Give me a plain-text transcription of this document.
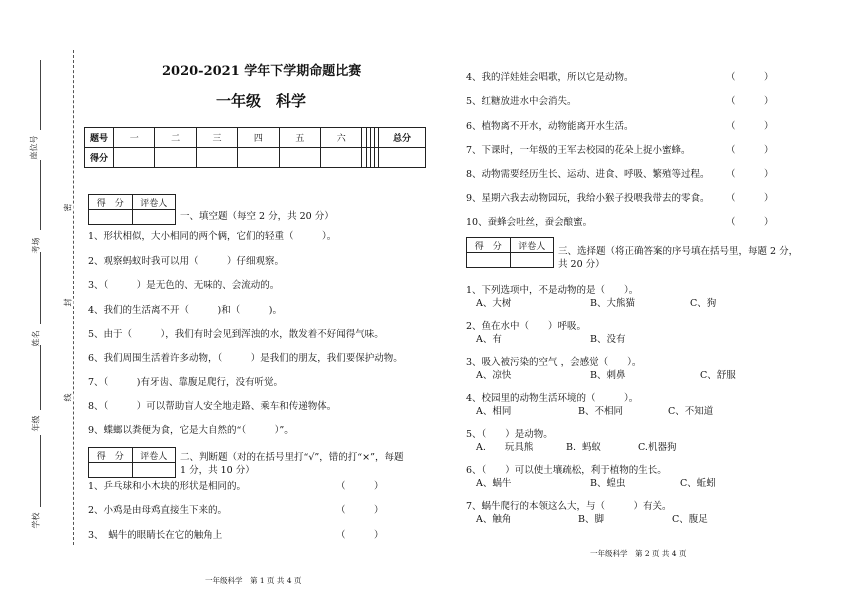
座位号
考场
姓名
年级
学校
密
封
线
2020-2021 学年下学期命题比赛
一年级　科学
题号	一	二	三	四	五	六					总分
得分											
得　分	评卷人

一、填空题（每空 2 分，共 20 分）
1、形状相似，大小相同的两个俩，它们的轻重（　　　）。
2、观察蚂蚁时我可以用（　　　）仔细观察。
3、（　　　）是无色的、无味的、会流动的。
4、我们的生活离不开（　　　)和（　　　)。
5、由于（　　　），我们有时会见到浑浊的水，散发着不好闻得气味。
6、我们周围生活着许多动物，（　　　）是我们的朋友，我们要保护动物。
7、（　　　)有牙齿、靠腹足爬行，没有听觉。
8、（　　　）可以帮助盲人安全地走路、乘车和传递物体。
9、蝶螂以粪便为食，它是大自然的“（　　　）”。
得　分	评卷人
	二、判断题（对的在括号里打“√”，错的打“×”，每题
1 分，共 10 分）
1、乒乓球和小木块的形状是相同的。	（　　　）
2、小鸡是由母鸡直接生下来的。	（　　　）
3、　蜗牛的眼睛长在它的触角上	（　　　）
一年级科学　第 1 页 共 4 页
4、我的洋娃娃会唱歌，所以它是动物。	（　　　）
5、红糖放进水中会消失。	（　　　）
6、植物离不开水，动物能离开水生活。	（　　　）
7、下课时，一年级的王军去校园的花朵上捉小蜜蜂。	（　　　）
8、动物需要经历生长、运动、进食、呼吸、繁殖等过程。 （　　　）
9、星期六我去动物园玩，我给小猴子投喂我带去的零食。 （　　　）
10、蚕蜂会吐丝，蚕会酿蜜。	（　　　）
得　分	评卷人
	三、选择题（将正确答案的序号填在括号里，每题 2 分，
共 20 分）
1、下列选项中，不是动物的是（　　）。
A、大树	B、大熊猫	C、狗
2、鱼在水中（　　）呼吸。
A、有	B、没有
3、吸入被污染的空气 ，会感觉（　　）。
A、凉快	B、刺鼻	C、舒服
4、校园里的动物生活环境的（　　　）。
A、相同	B、不相同	C、不知道
5、（　　）是动物。
A.　　玩具熊	B.  蚂蚁	C.机器狗
6、（　　）可以使土壤疏松，利于植物的生长。
A、蜗牛	B、蝗虫	C、蚯蚓
7、蜗牛爬行的本领这么大，与（　　　）有关。
A、触角	B、脚	C、腹足
一年级科学　第 2 页 共 4 页
